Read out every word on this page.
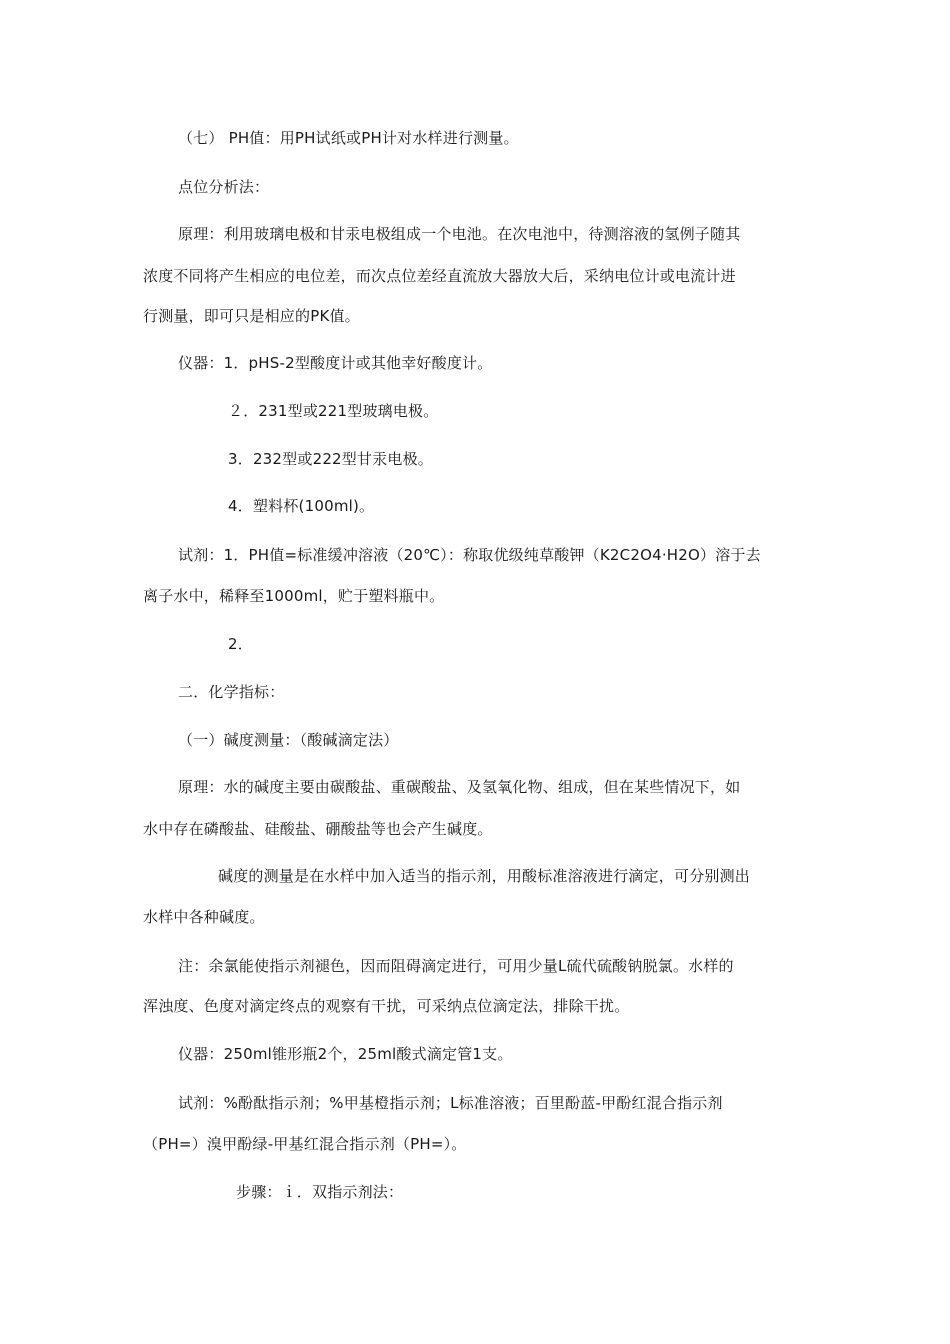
（七） PH值：用PH试纸或PH计对水样进行测量。
点位分析法：
原理：利用玻璃电极和甘汞电极组成一个电池。在次电池中，待测溶液的氢例子随其
浓度不同将产生相应的电位差，而次点位差经直流放大器放大后，采纳电位计或电流计进
行测量，即可只是相应的PK值。
仪器：1．pHS-2型酸度计或其他幸好酸度计。
２．231型或221型玻璃电极。
3．232型或222型甘汞电极。
4．塑料杯(100ml)。
试剂：1．PH值=标准缓冲溶液（20℃）：称取优级纯草酸钾（K2C2O4·H2O）溶于去
离子水中，稀释至1000ml，贮于塑料瓶中。
2．
二．化学指标：
（一）碱度测量：（酸碱滴定法）
原理：水的碱度主要由碳酸盐、重碳酸盐、及氢氧化物、组成，但在某些情况下，如
水中存在磷酸盐、硅酸盐、硼酸盐等也会产生碱度。
碱度的测量是在水样中加入适当的指示剂，用酸标准溶液进行滴定，可分别测出
水样中各种碱度。
注：余氯能使指示剂褪色，因而阻碍滴定进行，可用少量L硫代硫酸钠脱氯。水样的
浑浊度、色度对滴定终点的观察有干扰，可采纳点位滴定法，排除干扰。
仪器：250ml锥形瓶2个，25ml酸式滴定管1支。
试剂：%酚酞指示剂；%甲基橙指示剂；L标准溶液；百里酚蓝-甲酚红混合指示剂
（PH=）溴甲酚绿-甲基红混合指示剂（PH=）。
步骤：ｉ．双指示剂法：
